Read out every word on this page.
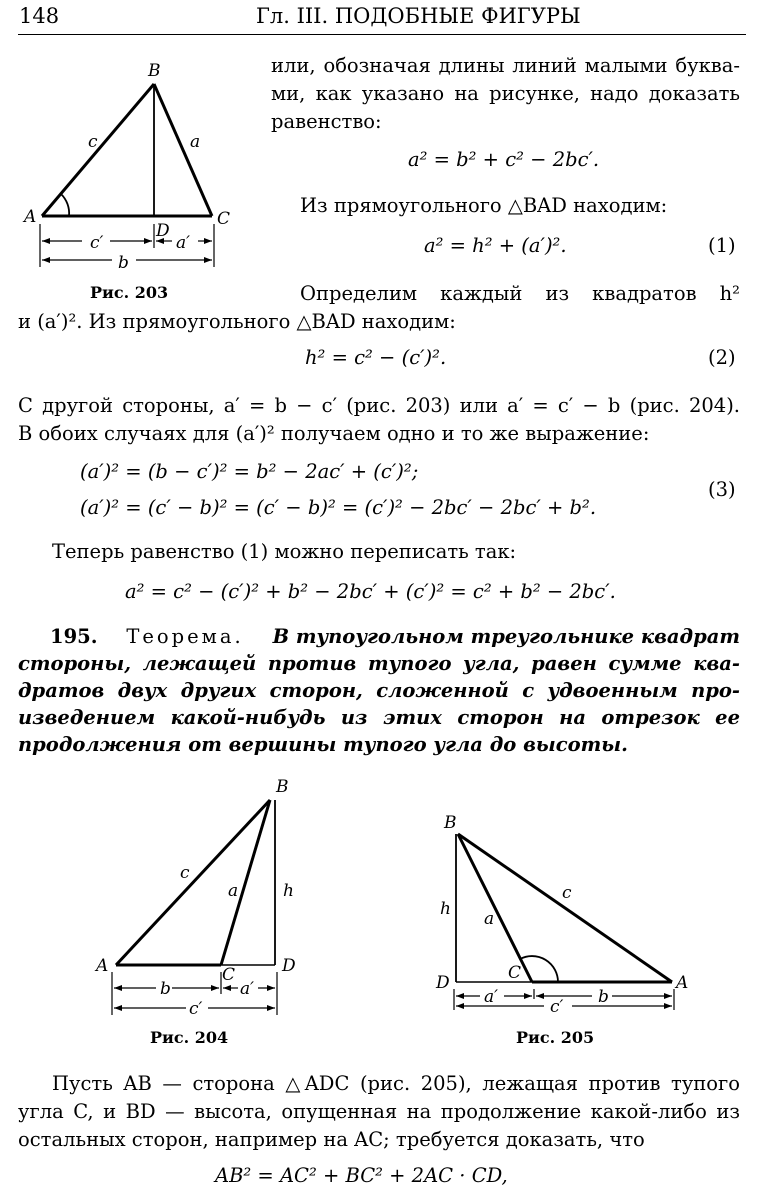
148	Гл. III. ПОДОБНЫЕ ФИГУРЫ
B
A	C
D
c	a
c′	a′
b
Рис. 203
или, обозначая длины линий малыми буква-
ми, как указано на рисунке, надо доказать
равенство:
a² = b² + c² − 2bc′.
Из прямоугольного △BAD находим:
a² = h² + (a′)².	(1)
Определим каждый из квадратов h²
и (a′)². Из прямоугольного △BAD находим:
h² = c² − (c′)².	(2)
С другой стороны, a′ = b − c′ (рис. 203) или a′ = c′ − b (рис. 204).
В обоих случаях для (a′)² получаем одно и то же выражение:
(a′)² = (b − c′)² = b² − 2ac′ + (c′)²;
(a′)² = (c′ − b)² = (c′ − b)² = (c′)² − 2bc′ − 2bc′ + b².
(3)
Теперь равенство (1) можно переписать так:
a² = c² − (c′)² + b² − 2bc′ + (c′)² = c² + b² − 2bc′.
195. Теорема. В тупоугольном треугольнике квадрат
стороны, лежащей против тупого угла, равен сумме ква-
дратов двух других сторон, сложенной с удвоенным про-
изведением какой-нибудь из этих сторон на отрезок ее
продолжения от вершины тупого угла до высоты.
B
A	C	D
c
a	h
b	a′
c′
Рис. 204
B
A
C
D
c
a
h
b
a′	c′
Рис. 205
Пусть AB — сторона △ADC (рис. 205), лежащая против тупого
угла C, и BD — высота, опущенная на продолжение какой-либо из
остальных сторон, например на AC; требуется доказать, что
AB² = AC² + BC² + 2AC · CD,
